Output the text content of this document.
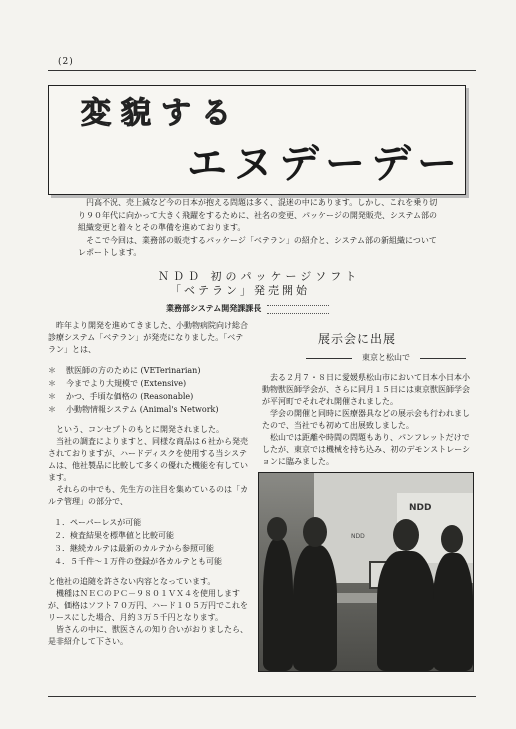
(2)
変貌する
エヌデーデー

円高不況、売上減など今の日本が抱える問題は多く、混迷の中にあります。しかし、これを乗り切り９０年代に向かって大きく飛躍をするために、社名の変更、パッケージの開発販売、システム部の組織変更と着々とその準備を進めております。

そこで今回は、業務部の販売するパッケージ「ベテラン」の紹介と、システム部の新組織についてレポートします。

ＮＤＤ 初のパッケージソフト
「ベテラン」発売開始
業務部システム開発課課長

昨年より開発を進めてきました、小動物病院向け総合診療システム「ベテラン」が発売になりました。「ベテラン」とは、

＊ 獣医師の方のために (VETerinarian)
＊ 今までより大規模で (Extensive)
＊ かつ、手頃な価格の (Reasonable)
＊ 小動物情報システム (Animal's Network)

という、コンセプトのもとに開発されました。

当社の調査によりますと、同様な商品は６社から発売されておりますが、ハードディスクを使用する当システムは、他社製品に比較して多くの優れた機能を有しています。

それらの中でも、先生方の注目を集めているのは「カルテ管理」の部分で、

１．ペーパーレスが可能
２．検査結果を標準値と比較可能
３．継続カルテは最新のカルテから参照可能
４．５千件～１万件の登録が各カルテとも可能

と他社の追随を許さない内容となっています。

機種はＮＥＣのＰＣ－９８０１ＶＸ４を使用しますが、価格はソフト７０万円、ハード１０５万円でこれをリースにした場合、月約３万５千円となります。

皆さんの中に、獣医さんの知り合いがおりましたら、是非紹介して下さい。

展示会に出展
東京と松山で

去る２月７・８日に愛媛県松山市において日本小日本小動物獣医師学会が、さらに同月１５日には東京獣医師学会が平河町でそれぞれ開催されました。

学会の開催と同時に医療器具などの展示会も行われましたので、当社でも初めて出展致しました。

松山では距離や時間の問題もあり、パンフレットだけでしたが、東京では機械を持ち込み、初のデモンストレーションに臨みました。

NDD
NDD
